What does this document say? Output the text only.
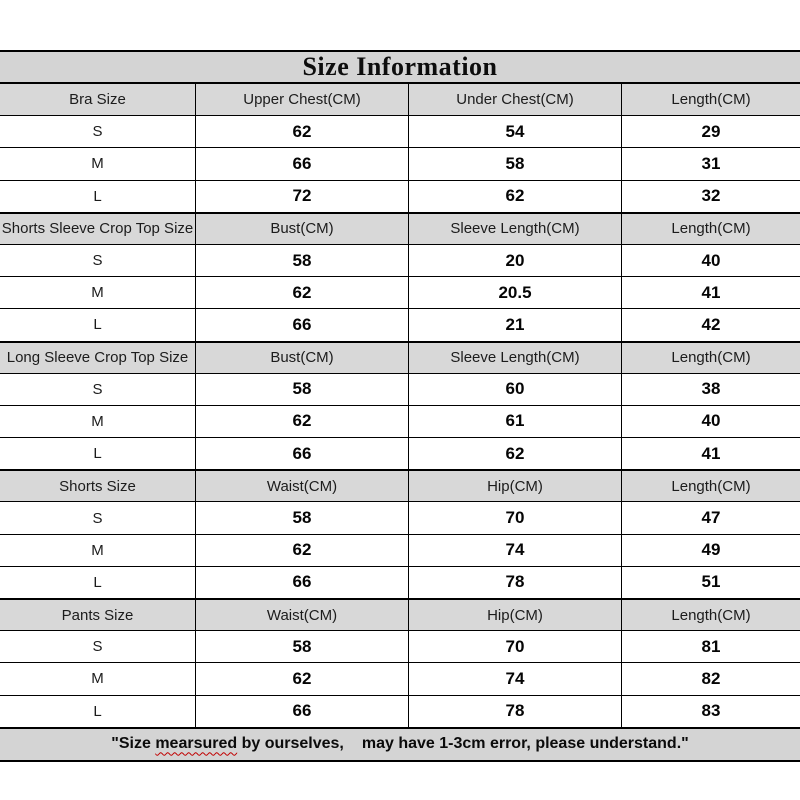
Size Information
Bra Size	Upper Chest(CM)	Under Chest(CM)	Length(CM)
S	62	54	29
M	66	58	31
L	72	62	32
Shorts Sleeve Crop Top Size	Bust(CM)	Sleeve Length(CM)	Length(CM)
S	58	20	40
M	62	20.5	41
L	66	21	42
Long Sleeve Crop Top Size	Bust(CM)	Sleeve Length(CM)	Length(CM)
S	58	60	38
M	62	61	40
L	66	62	41
Shorts Size	Waist(CM)	Hip(CM)	Length(CM)
S	58	70	47
M	62	74	49
L	66	78	51
Pants Size	Waist(CM)	Hip(CM)	Length(CM)
S	58	70	81
M	62	74	82
L	66	78	83
"Size mearsured by ourselves, may have 1-3cm error, please understand."
